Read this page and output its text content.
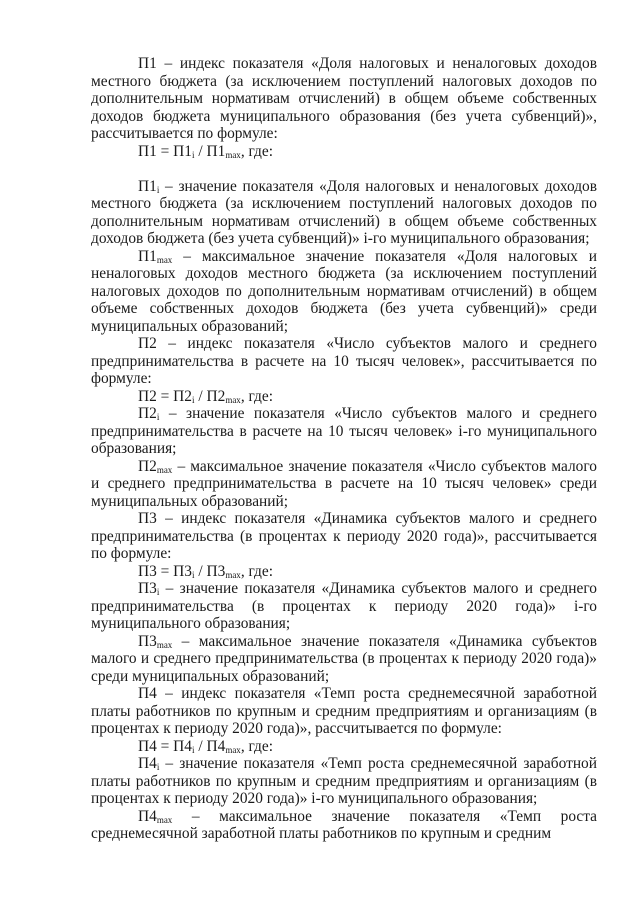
П1 – индекс показателя «Доля налоговых и неналоговых доходов местного бюджета (за исключением поступлений налоговых доходов по дополнительным нормативам отчислений) в общем объеме собственных доходов бюджета муниципального образования (без учета субвенций)», рассчитывается по формуле:

$П1 = П1_i / П1_{max}$, где:

$П1_i$ – значение показателя «Доля налоговых и неналоговых доходов местного бюджета (за исключением поступлений налоговых доходов по дополнительным нормативам отчислений) в общем объеме собственных доходов бюджета (без учета субвенций)» i-го муниципального образования;

$П1_{max}$ – максимальное значение показателя «Доля налоговых и неналоговых доходов местного бюджета (за исключением поступлений налоговых доходов по дополнительным нормативам отчислений) в общем объеме собственных доходов бюджета (без учета субвенций)» среди муниципальных образований;

П2 – индекс показателя «Число субъектов малого и среднего предпринимательства в расчете на 10 тысяч человек», рассчитывается по формуле:

$П2 = П2_i / П2_{max}$, где:

$П2_i$ – значение показателя «Число субъектов малого и среднего предпринимательства в расчете на 10 тысяч человек» i-го муниципального образования;

$П2_{max}$ – максимальное значение показателя «Число субъектов малого и среднего предпринимательства в расчете на 10 тысяч человек» среди муниципальных образований;

П3 – индекс показателя «Динамика субъектов малого и среднего предпринимательства (в процентах к периоду 2020 года)», рассчитывается по формуле:

$П3 = П3_i / П3_{max}$, где:

$П3_i$ – значение показателя «Динамика субъектов малого и среднего предпринимательства (в процентах к периоду 2020 года)» i-го муниципального образования;

$П3_{max}$ – максимальное значение показателя «Динамика субъектов малого и среднего предпринимательства (в процентах к периоду 2020 года)» среди муниципальных образований;

П4 – индекс показателя «Темп роста среднемесячной заработной платы работников по крупным и средним предприятиям и организациям (в процентах к периоду 2020 года)», рассчитывается по формуле:

$П4 = П4_i / П4_{max}$, где:

$П4_i$ – значение показателя «Темп роста среднемесячной заработной платы работников по крупным и средним предприятиям и организациям (в процентах к периоду 2020 года)» i-го муниципального образования;

$П4_{max}$ – максимальное значение показателя «Темп роста среднемесячной заработной платы работников по крупным и средним
